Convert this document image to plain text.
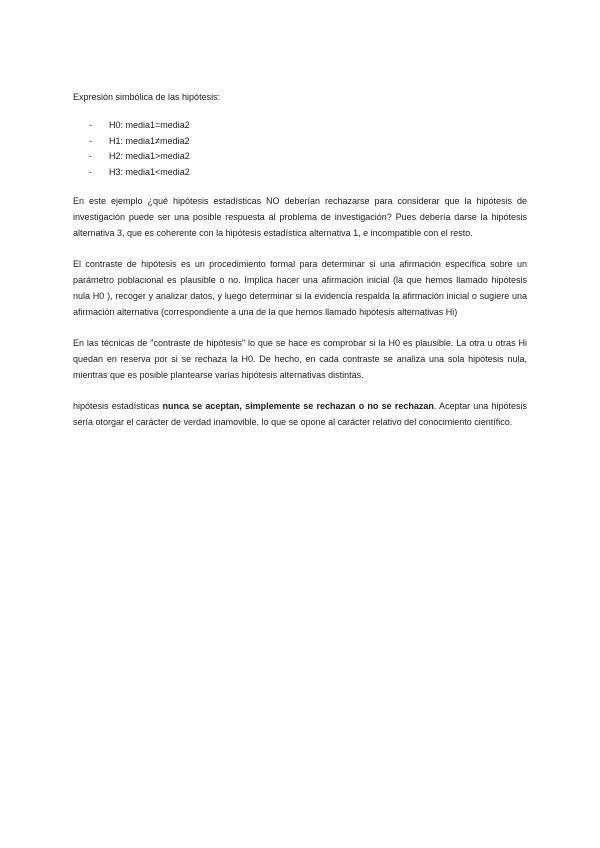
Expresión simbólica de las hipótesis:

- H0: media1=media2
- H1: media1≠media2
- H2: media1>media2
- H3: media1<media2

En este ejemplo ¿qué hipótesis estadísticas NO deberían rechazarse para considerar que la hipótesis de investigación puede ser una posible respuesta al problema de investigación? Pues debería darse la hipótesis alternativa 3, que es coherente con la hipótesis estadística alternativa 1, e incompatible con el resto.

El contraste de hipótesis es un procedimiento formal para determinar si una afirmación específica sobre un parámetro poblacional es plausible o no. Implica hacer una afirmación inicial (la que hemos llamado hipótesis nula H0 ), recoger y analizar datos, y luego determinar si la evidencia respalda la afirmación inicial o sugiere una afirmación alternativa (correspondiente a una de la que hemos llamado hipótesis alternativas Hi)

En las técnicas de "contraste de hipótesis" lo que se hace es comprobar si la H0 es plausible. La otra u otras Hi quedan en reserva por si se rechaza la H0. De hecho, en cada contraste se analiza una sola hipótesis nula, mientras que es posible plantearse varias hipótesis alternativas distintas.

hipótesis estadísticas nunca se aceptan, simplemente se rechazan o no se rechazan. Aceptar una hipótesis sería otorgar el carácter de verdad inamovible, lo que se opone al carácter relativo del conocimiento científico.
